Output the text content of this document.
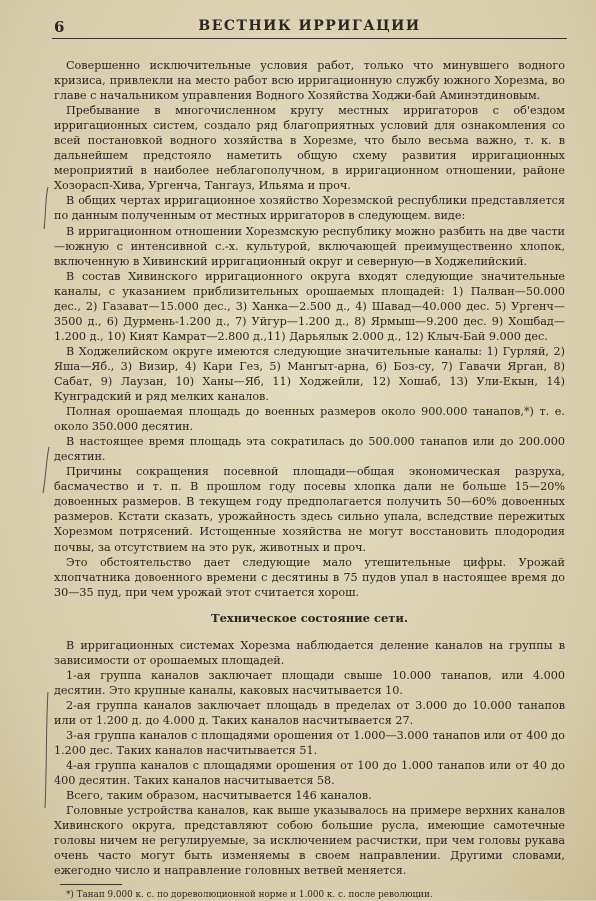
6	ВЕСТНИК ИРРИГАЦИИ

Совершенно исключительные условия работ, только что минувшего водного кризиса, привлекли на место работ всю ирригационную службу южного Хорезма, во главе с начальником управления Водного Хозяйства Ходжи-бай Аминэтдиновым.

Пребывание в многочисленном кругу местных ирригаторов с об'ездом ирригационных систем, создало ряд благоприятных условий для ознакомления со всей постановкой водного хозяйства в Хорезме, что было весьма важно, т. к. в дальнейшем предстояло наметить общую схему развития ирригационных мероприятий в наиболее неблагополучном, в ирригационном отношении, районе Хозорасп-Хива, Ургенча, Тангауз, Ильяма и проч.

В общих чертах ирригационное хозяйство Хорезмской республики представляется по данным полученным от местных ирригаторов в следующем. виде:

В ирригационном отношении Хорезмскую республику можно разбить на две части—южную с интенсивной с.-х. культурой, включающей преимущественно хлопок, включенную в Хивинский ирригационный округ и северную—в Ходжелийский.

В состав Хивинского ирригационного округа входят следующие значительные каналы, с указанием приблизительных орошаемых площадей: 1) Палван—50.000 дес., 2) Газават—15.000 дес., 3) Ханка—2.500 д., 4) Шавад—40.000 дес. 5) Ургенч—3500 д., 6) Дурмень-1.200 д., 7) Уйгур—1.200 д., 8) Ярмыш—9.200 дес. 9) Хошбад—1.200 д., 10) Кият Камрат—2.800 д.,11) Дарьялык 2.000 д., 12) Клыч-Бай 9.000 дес.

В Ходжелийском округе имеются следующие значительные каналы: 1) Гурляй, 2) Яша—Яб., 3) Визир, 4) Кари Гез, 5) Мангыт-арна, 6) Боз-су, 7) Гавачи Ярган, 8) Сабат, 9) Лаузан, 10) Ханы—Яб, 11) Ходжейли, 12) Хошаб, 13) Ули-Екын, 14) Кунградский и ряд мелких каналов.

Полная орошаемая площадь до военных размеров около 900.000 танапов,*) т. е. около 350.000 десятин.

В настоящее время площадь эта сократилась до 500.000 танапов или до 200.000 десятин.

Причины сокращения посевной площади—общая экономическая разруха, басмачество и т. п. В прошлом году посевы хлопка дали не больше 15—20% довоенных размеров. В текущем году предполагается получить 50—60% довоенных размеров. Кстати сказать, урожайность здесь сильно упала, вследствие пережитых Хорезмом потрясений. Истощенные хозяйства не могут восстановить плодородия почвы, за отсутствием на это рук, животных и проч.

Это обстоятельство дает следующие мало утешительные цифры. Урожай хлопчатника довоенного времени с десятины в 75 пудов упал в настоящее время до 30—35 пуд, при чем урожай этот считается хорош.

Техническое состояние сети.

В ирригационных системах Хорезма наблюдается деление каналов на группы в зависимости от орошаемых площадей.

1-ая группа каналов заключает площади свыше 10.000 танапов, или 4.000 десятин. Это крупные каналы, каковых насчитывается 10.

2-ая группа каналов заключает площадь в пределах от 3.000 до 10.000 танапов или от 1.200 д. до 4.000 д. Таких каналов насчитывается 27.

3-ая группа каналов с площадями орошения от 1.000—3.000 танапов или от 400 до 1.200 дес. Таких каналов насчитывается 51.

4-ая группа каналов с площадями орошения от 100 до 1.000 танапов или от 40 до 400 десятин. Таких каналов насчитывается 58.

Всего, таким образом, насчитывается 146 каналов.

Головные устройства каналов, как выше указывалось на примере верхних каналов Хивинского округа, представляют собою большие русла, имеющие самотечные головы ничем не регулируемые, за исключением расчистки, при чем головы рукава очень часто могут быть изменяемы в своем направлении. Другими словами, ежегодно число и направление головных ветвей меняется.

*) Танап 9.000 к. с. по дореволюционной норме и 1.000 к. с. после революции.
